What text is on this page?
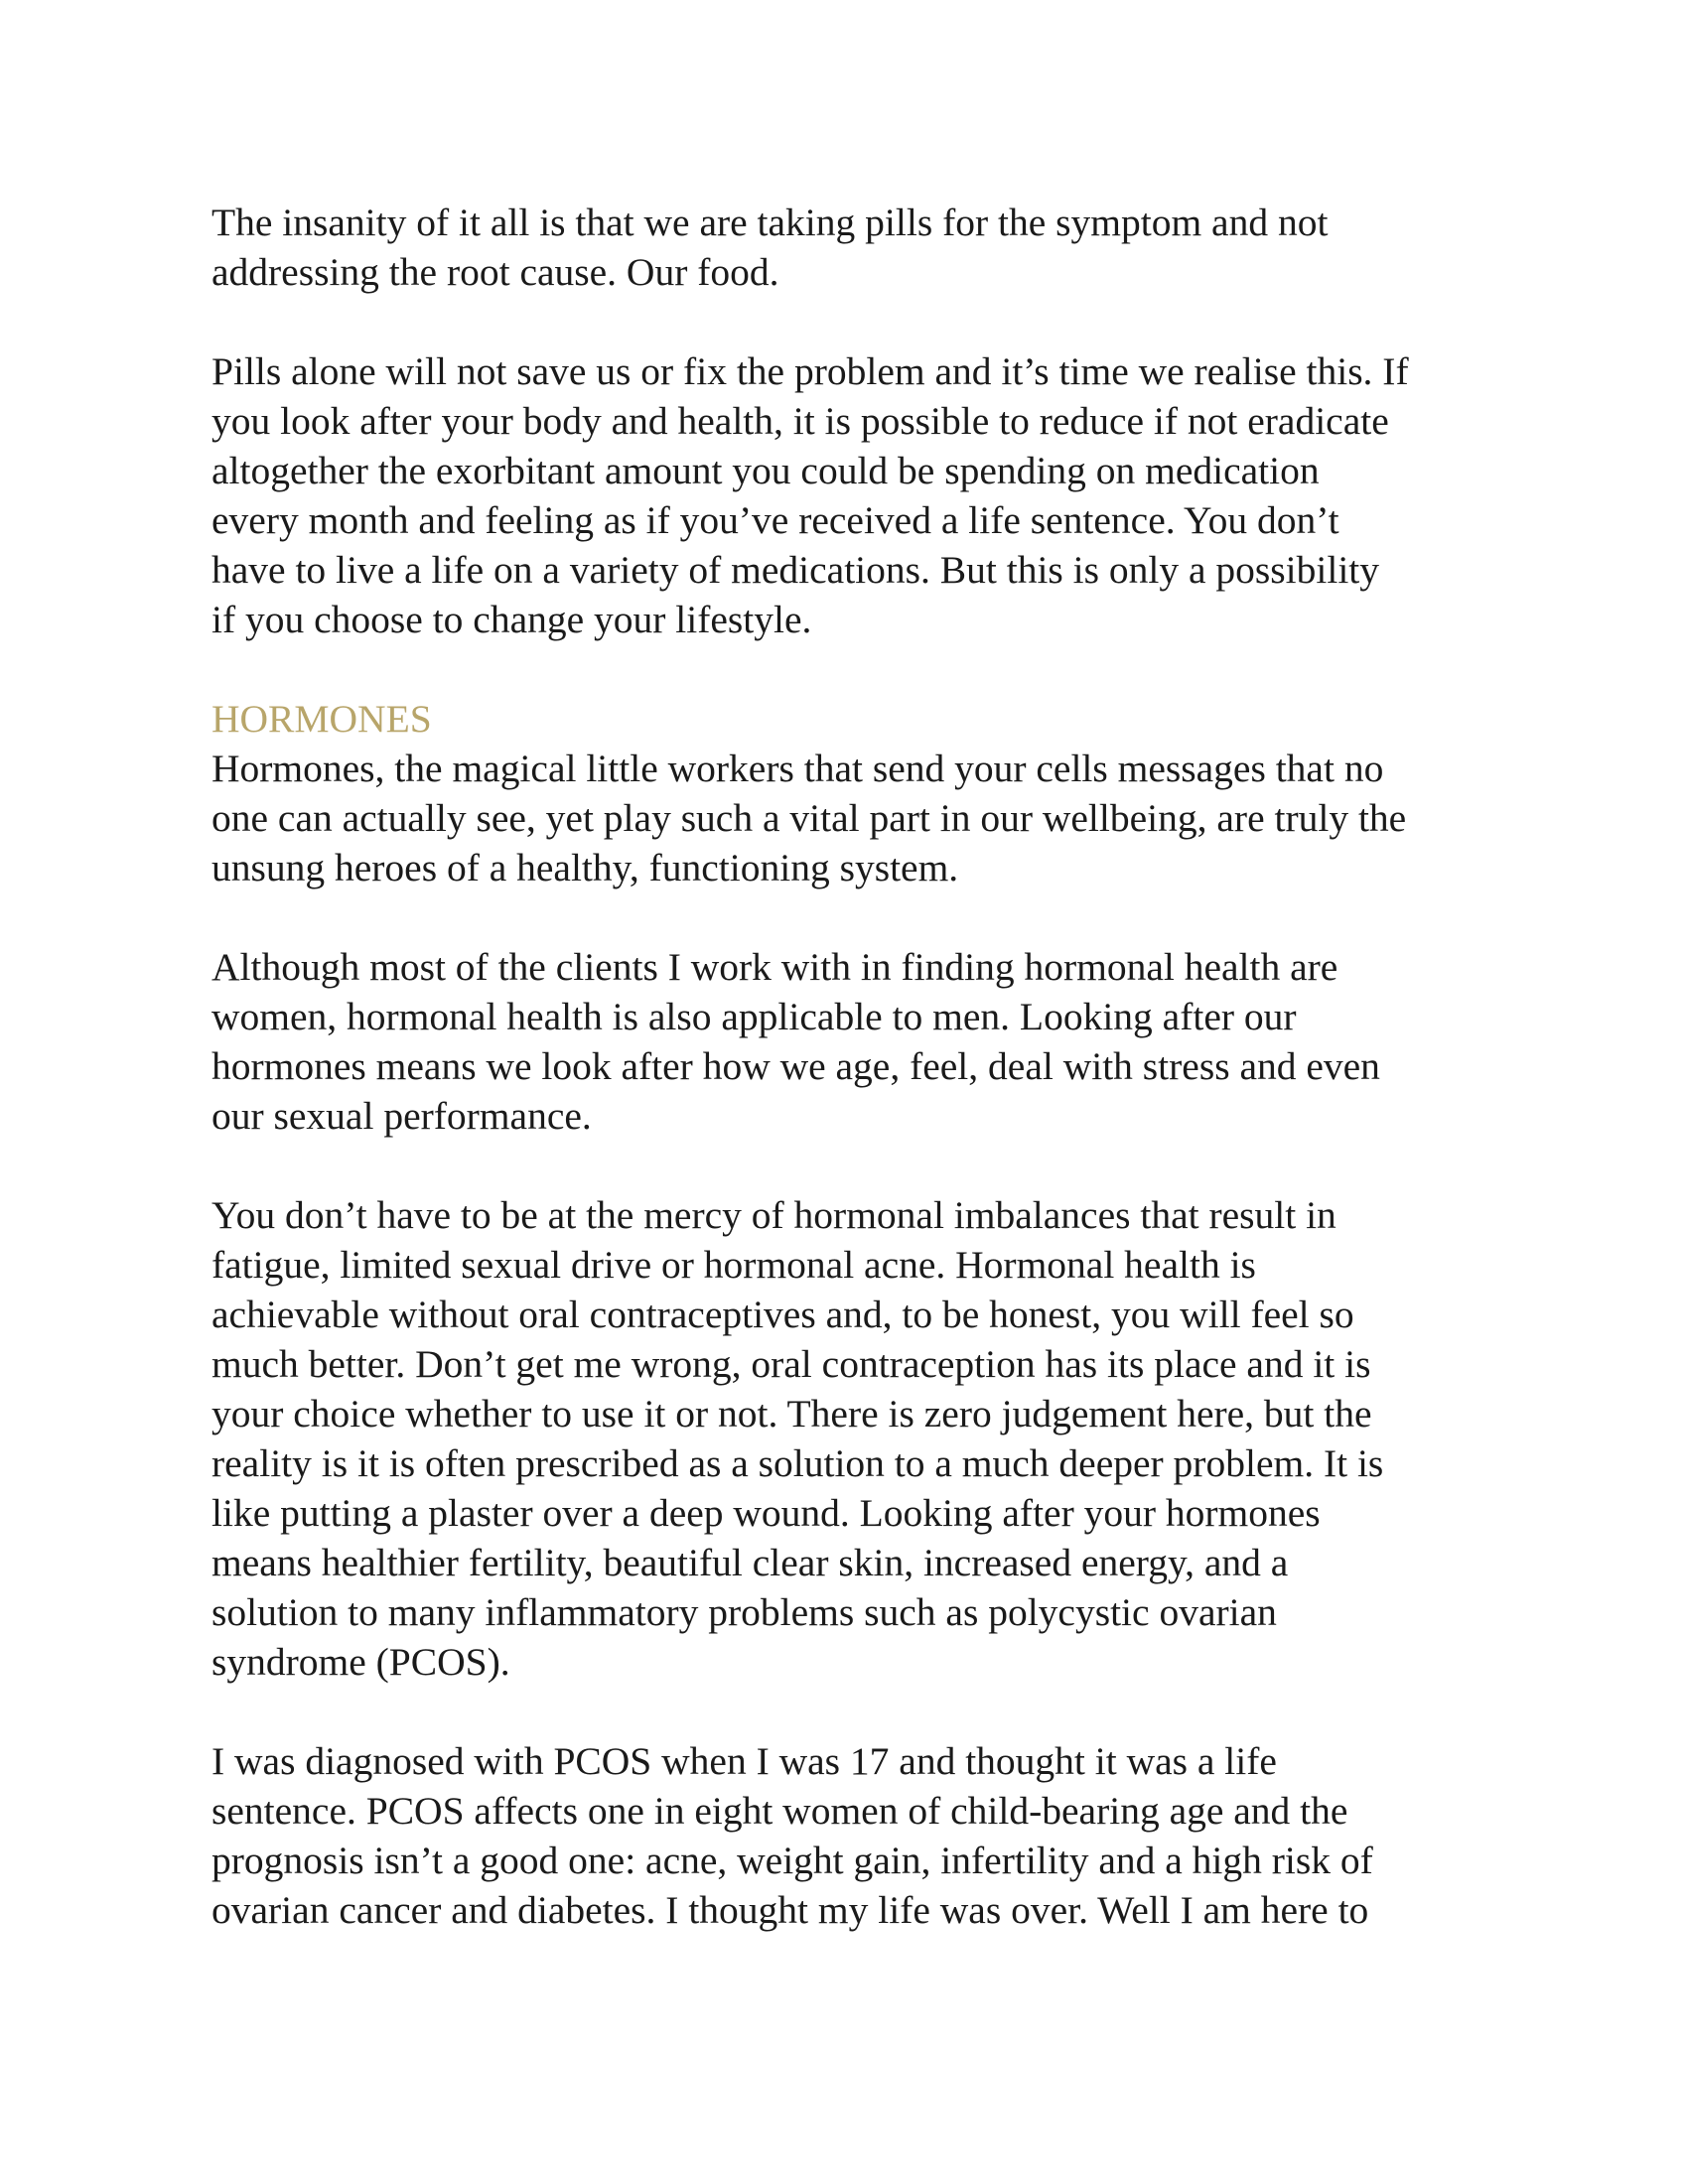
The insanity of it all is that we are taking pills for the symptom and not
addressing the root cause. Our food.
Pills alone will not save us or fix the problem and it’s time we realise this. If
you look after your body and health, it is possible to reduce if not eradicate
altogether the exorbitant amount you could be spending on medication
every month and feeling as if you’ve received a life sentence. You don’t
have to live a life on a variety of medications. But this is only a possibility
if you choose to change your lifestyle.
HORMONES
Hormones, the magical little workers that send your cells messages that no
one can actually see, yet play such a vital part in our wellbeing, are truly the
unsung heroes of a healthy, functioning system.
Although most of the clients I work with in finding hormonal health are
women, hormonal health is also applicable to men. Looking after our
hormones means we look after how we age, feel, deal with stress and even
our sexual performance.
You don’t have to be at the mercy of hormonal imbalances that result in
fatigue, limited sexual drive or hormonal acne. Hormonal health is
achievable without oral contraceptives and, to be honest, you will feel so
much better. Don’t get me wrong, oral contraception has its place and it is
your choice whether to use it or not. There is zero judgement here, but the
reality is it is often prescribed as a solution to a much deeper problem. It is
like putting a plaster over a deep wound. Looking after your hormones
means healthier fertility, beautiful clear skin, increased energy, and a
solution to many inflammatory problems such as polycystic ovarian
syndrome (PCOS).
I was diagnosed with PCOS when I was 17 and thought it was a life
sentence. PCOS affects one in eight women of child-bearing age and the
prognosis isn’t a good one: acne, weight gain, infertility and a high risk of
ovarian cancer and diabetes. I thought my life was over. Well I am here to
